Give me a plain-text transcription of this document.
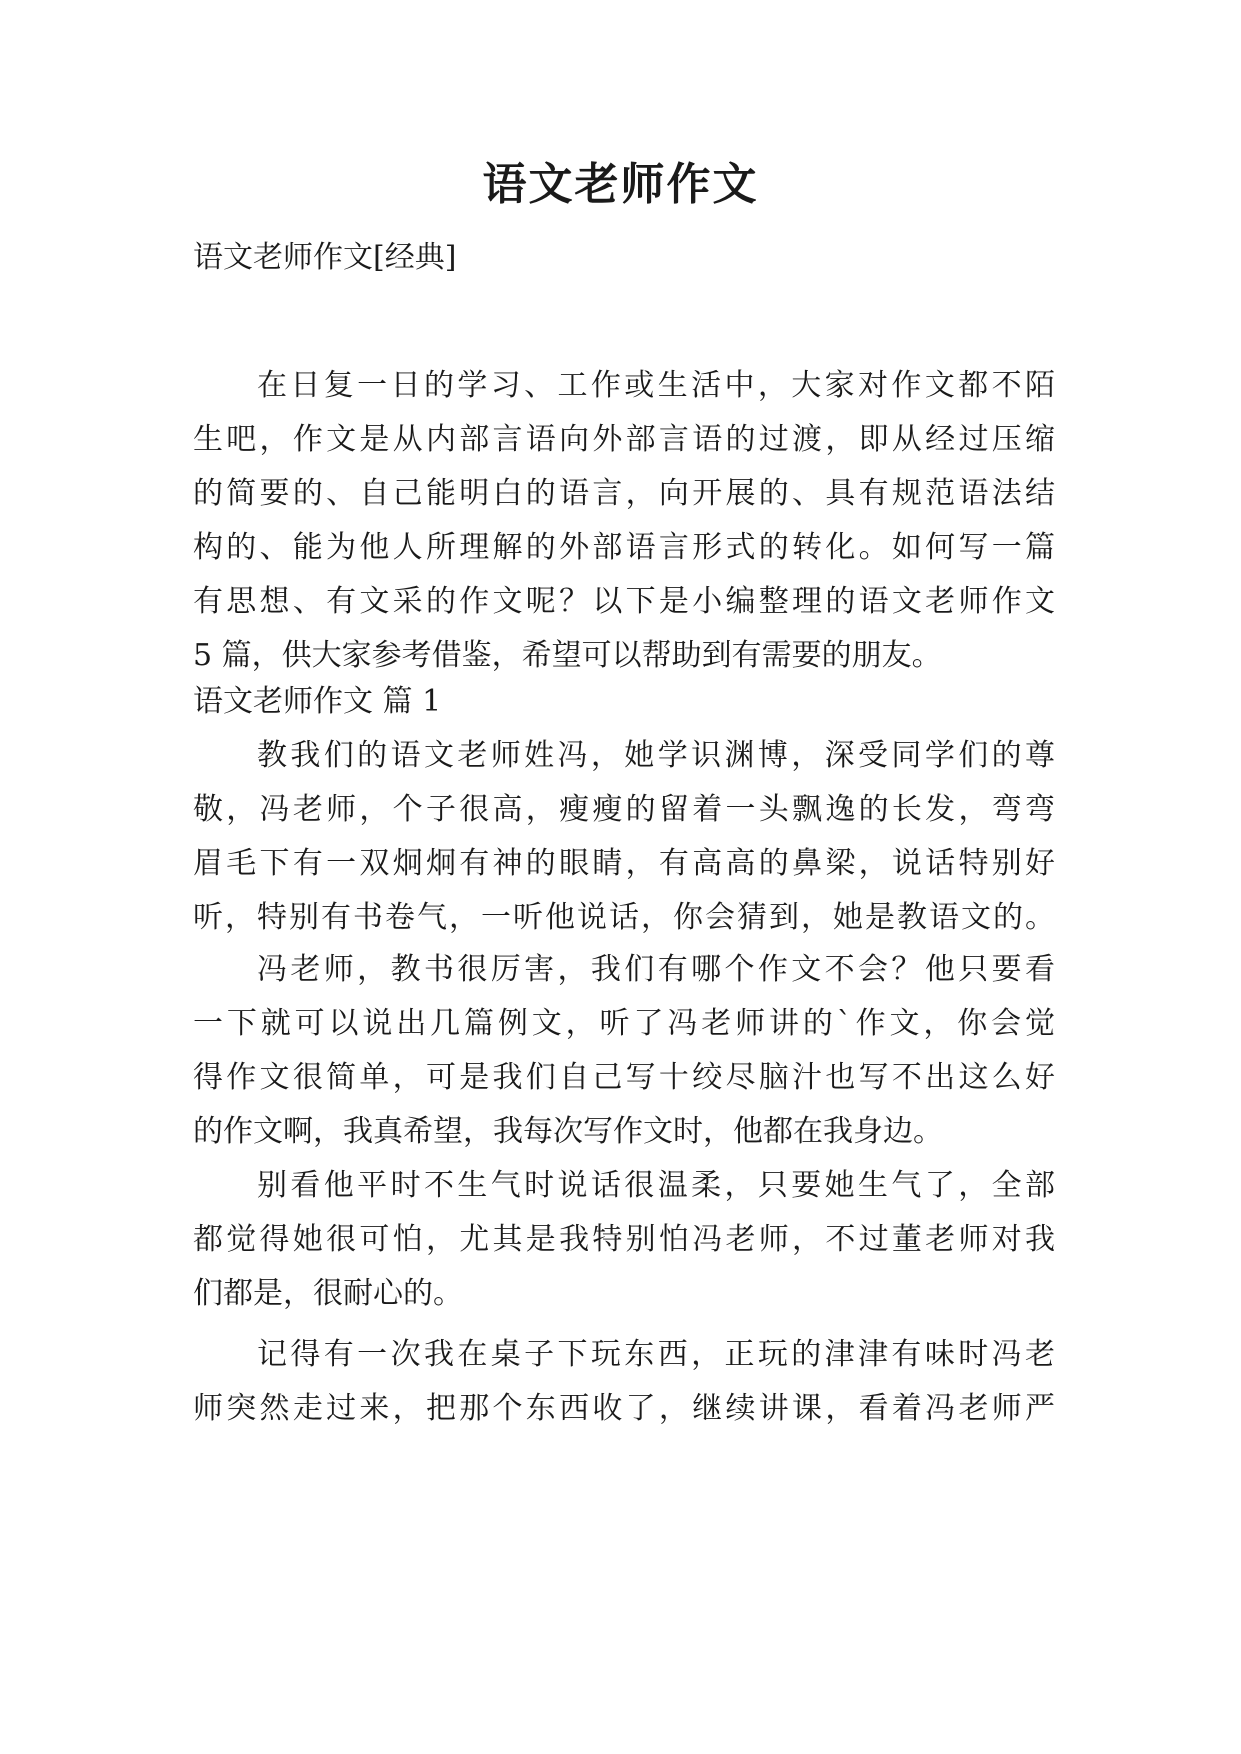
语文老师作文

语文老师作文[经典]

在日复一日的学习、工作或生活中，大家对作文都不陌

生吧，作文是从内部言语向外部言语的过渡，即从经过压缩

的简要的、自己能明白的语言，向开展的、具有规范语法结

构的、能为他人所理解的外部语言形式的转化。如何写一篇

有思想、有文采的作文呢？以下是小编整理的语文老师作文

5 篇，供大家参考借鉴，希望可以帮助到有需要的朋友。

语文老师作文 篇 1

教我们的语文老师姓冯，她学识渊博，深受同学们的尊

敬，冯老师，个子很高，瘦瘦的留着一头飘逸的长发，弯弯

眉毛下有一双炯炯有神的眼睛，有高高的鼻梁，说话特别好

听，特别有书卷气，一听他说话，你会猜到，她是教语文的。

冯老师，教书很厉害，我们有哪个作文不会？他只要看

一下就可以说出几篇例文，听了冯老师讲的`作文，你会觉

得作文很简单，可是我们自己写十绞尽脑汁也写不出这么好

的作文啊，我真希望，我每次写作文时，他都在我身边。

别看他平时不生气时说话很温柔，只要她生气了，全部

都觉得她很可怕，尤其是我特别怕冯老师，不过董老师对我

们都是，很耐心的。

记得有一次我在桌子下玩东西，正玩的津津有味时冯老

师突然走过来，把那个东西收了，继续讲课，看着冯老师严
